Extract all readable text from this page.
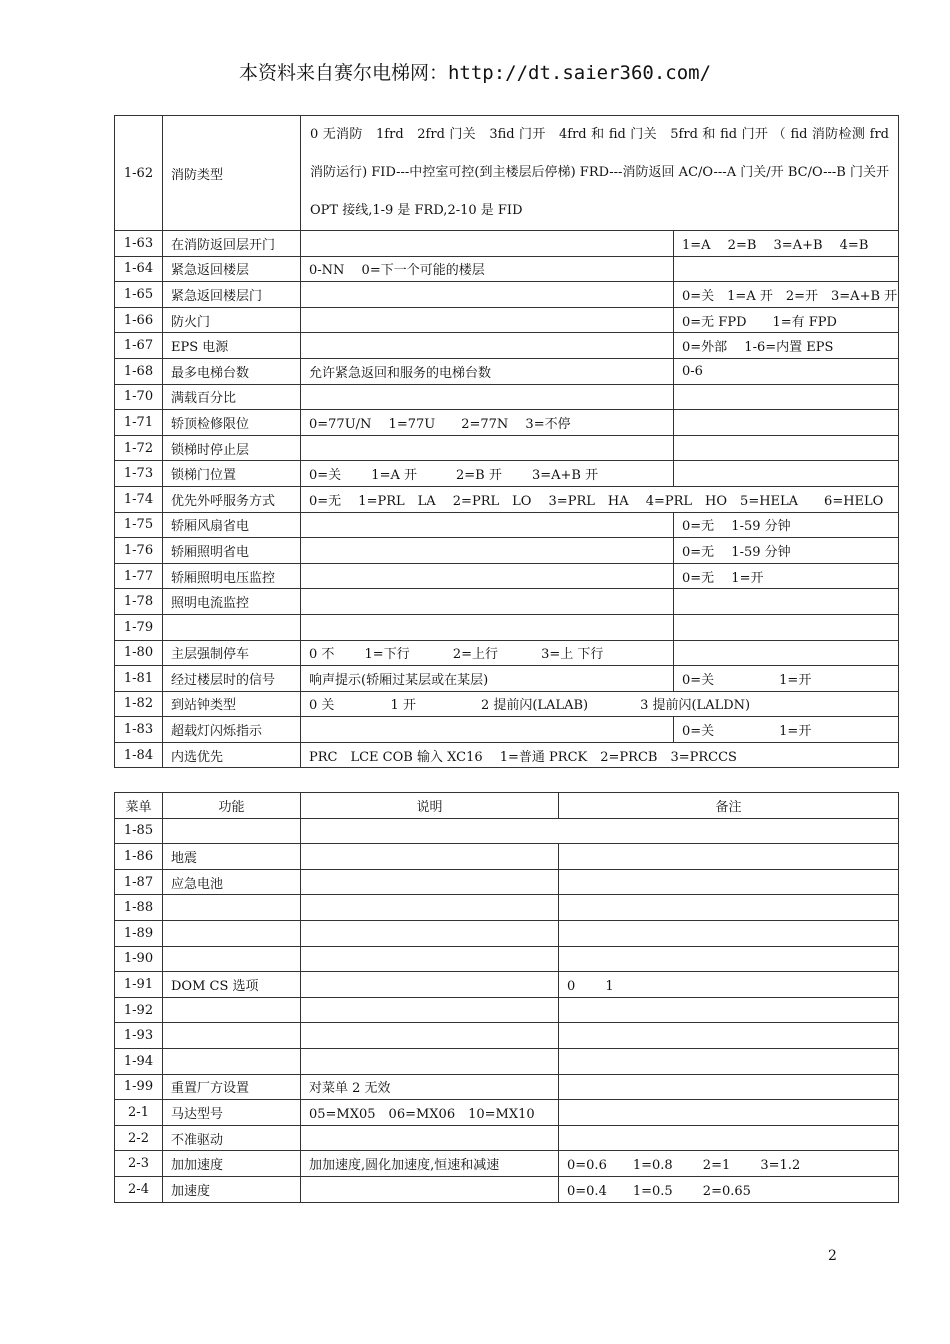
本资料来自赛尔电梯网：http://dt.saier360.com/
1-62	消防类型	0 无消防　1frd　2frd 门关　3fid 门开　4frd 和 fid 门关　5frd 和 fid 门开 （ fid 消防检测 frd 消防运行) FID---中控室可控(到主楼层后停梯) FRD---消防返回 AC/O---A 门关/开 BC/O---B 门关开 OPT 接线,1-9 是 FRD,2-10 是 FID	
1-63	在消防返回层开门		1=A　 2=B　 3=A+B　 4=B
1-64	紧急返回楼层	0-NN　 0=下一个可能的楼层	
1-65	紧急返回楼层门		0=关　1=A 开　2=开　3=A+B 开
1-66	防火门		0=无 FPD　　1=有 FPD
1-67	EPS 电源		0=外部　 1-6=内置 EPS
1-68	最多电梯台数	允许紧急返回和服务的电梯台数	0-6
1-70	满载百分比		
1-71	轿顶检修限位	0=77U/N　 1=77U　　2=77N　 3=不停	
1-72	锁梯时停止层		
1-73	锁梯门位置	0=关　　 1=A 开　　　2=B 开　　 3=A+B 开	
1-74	优先外呼服务方式	0=无　 1=PRL　LA　 2=PRL　LO　 3=PRL　HA　 4=PRL　HO　5=HELA　　6=HELO	
1-75	轿厢风扇省电		0=无　 1-59 分钟
1-76	轿厢照明省电		0=无　 1-59 分钟
1-77	轿厢照明电压监控		0=无　 1=开
1-78	照明电流监控		
1-79			
1-80	主层强制停车	0 不　　 1=下行　　　 2=上行　　　 3=上 下行	
1-81	经过楼层时的信号	响声提示(轿厢过某层或在某层)	0=关　　　　　1=开
1-82	到站钟类型	0 关　　　　 1 开　　　　　2 提前闪(LALAB)　　　　3 提前闪(LALDN)	
1-83	超载灯闪烁指示		0=关　　　　　1=开
1-84	内选优先	PRC　LCE COB 输入 XC16　 1=普通 PRCK　2=PRCB　3=PRCCS	
菜单	功能	说明	备注
1-85			
1-86	地震		
1-87	应急电池		
1-88			
1-89			
1-90			
1-91	DOM CS 选项		0　　 1
1-92			
1-93			
1-94			
1-99	重置厂方设置	对菜单 2 无效	
2-1	马达型号	05=MX05　06=MX06　10=MX10	
2-2	不准驱动		
2-3	加加速度	加加速度,圆化加速度,恒速和减速	0=0.6　　1=0.8　　 2=1　　 3=1.2
2-4	加速度		0=0.4　　1=0.5　　 2=0.65
2
